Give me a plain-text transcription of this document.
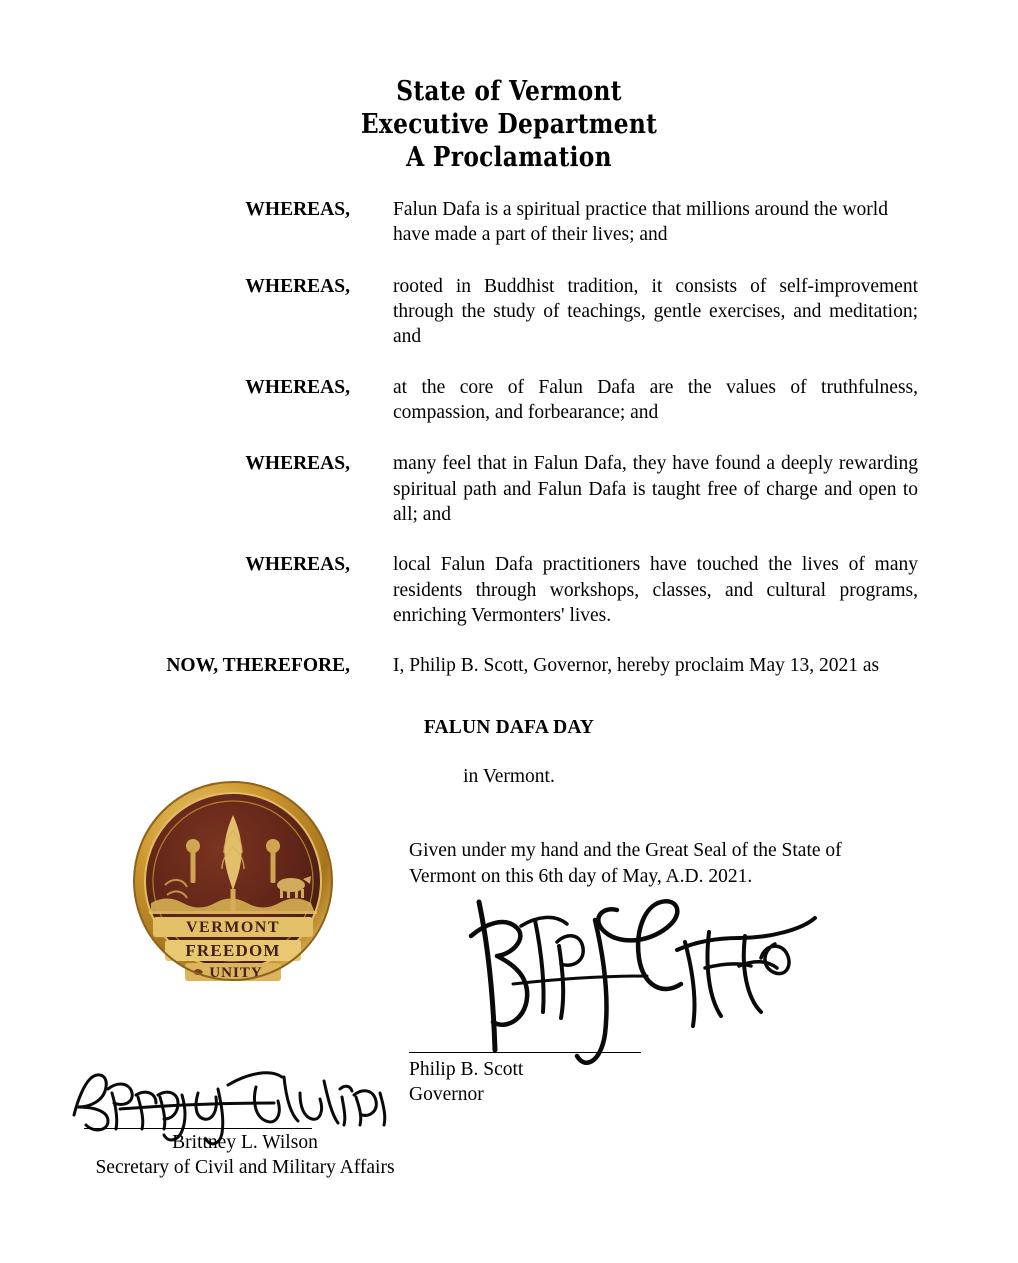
State of Vermont
Executive Department
A Proclamation
WHEREAS, Falun Dafa is a spiritual practice that millions around the world have made a part of their lives; and
WHEREAS, rooted in Buddhist tradition, it consists of self-improvement through the study of teachings, gentle exercises, and meditation; and
WHEREAS, at the core of Falun Dafa are the values of truthfulness, compassion, and forbearance; and
WHEREAS, many feel that in Falun Dafa, they have found a deeply rewarding spiritual path and Falun Dafa is taught free of charge and open to all; and
WHEREAS, local Falun Dafa practitioners have touched the lives of many residents through workshops, classes, and cultural programs, enriching Vermonters' lives.
NOW, THEREFORE, I, Philip B. Scott, Governor, hereby proclaim May 13, 2021 as
FALUN DAFA DAY
in Vermont.
VERMONT
FREEDOM
UNITY
Given under my hand and the Great Seal of the State of Vermont on this 6th day of May, A.D. 2021.
Philip B. Scott
Governor
Brittney L. Wilson
Secretary of Civil and Military Affairs
